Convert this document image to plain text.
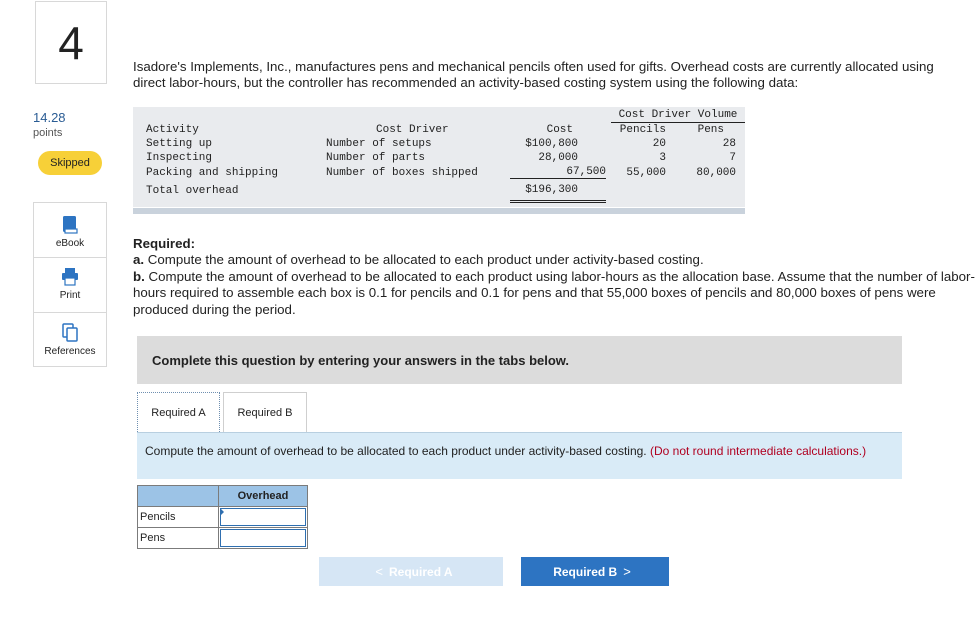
4
14.28
points
Skipped
eBook
Print
References
Isadore's Implements, Inc., manufactures pens and mechanical pencils often used for gifts. Overhead costs are currently allocated using direct labor-hours, but the controller has recommended an activity-based costing system using the following data:
Cost Driver Volume
Activity	Cost Driver	Cost	Pencils	Pens
Setting up	Number of setups	$100,800	20	28
Inspecting	Number of parts	28,000	3	7
Packing and shipping	Number of boxes shipped	67,500	55,000	80,000
Total overhead	$196,300
Required:
a. Compute the amount of overhead to be allocated to each product under activity-based costing.
b. Compute the amount of overhead to be allocated to each product using labor-hours as the allocation base. Assume that the number of labor-hours required to assemble each box is 0.1 for pencils and 0.1 for pens and that 55,000 boxes of pencils and 80,000 boxes of pens were produced during the period.
Complete this question by entering your answers in the tabs below.
Required A	Required B
Compute the amount of overhead to be allocated to each product under activity-based costing. (Do not round intermediate calculations.)
	Overhead
Pencils	

Pens	
< Required A	Required B >
